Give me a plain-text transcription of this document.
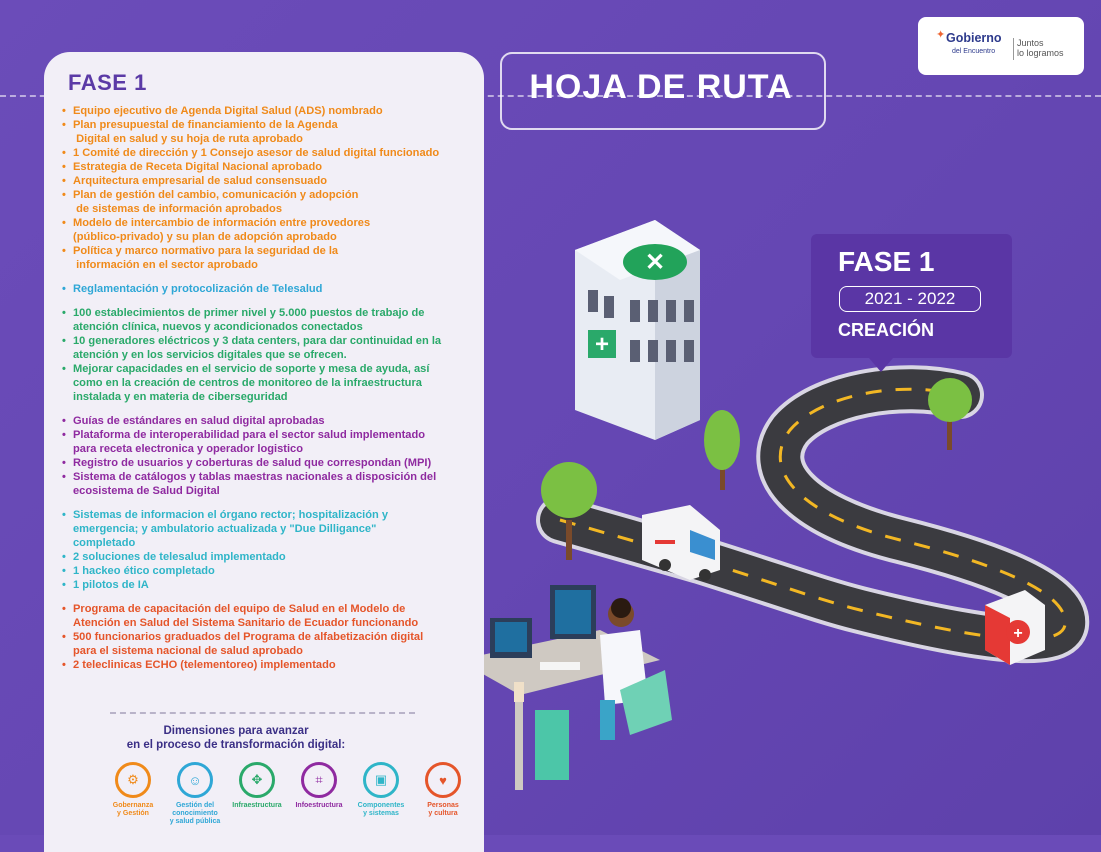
✕
+
+
FASE 1
• Equipo ejecutivo de Agenda Digital Salud (ADS) nombrado
• Plan presupuestal de financiamiento de la Agenda
Digital en salud y su hoja de ruta aprobado
• 1 Comité de dirección y 1 Consejo asesor de salud digital funcionado
• Estrategia de Receta Digital Nacional aprobado
• Arquitectura empresarial de salud consensuado
• Plan de gestión del cambio, comunicación y adopción
de sistemas de información aprobados
• Modelo de intercambio de información entre provedores
(público-privado) y su plan de adopción aprobado
• Política y marco normativo para la seguridad de la
información en el sector aprobado
• Reglamentación y protocolización de Telesalud
• 100 establecimientos de primer nivel y 5.000 puestos de trabajo de
atención clínica, nuevos y acondicionados conectados
• 10 generadores eléctricos y 3 data centers, para dar continuidad en la
atención y en los servicios digitales que se ofrecen.
• Mejorar capacidades en el servicio de soporte y mesa de ayuda, así
como en la creación de centros de monitoreo de la infraestructura
instalada y en materia de ciberseguridad
• Guías de estándares en salud digital aprobadas
• Plataforma de interoperabilidad para el sector salud implementado
para receta electronica y operador logistico
• Registro de usuarios y coberturas de salud que correspondan (MPI)
• Sistema de catálogos y tablas maestras nacionales a disposición del
ecosistema de Salud Digital
• Sistemas de informacion el órgano rector; hospitalización y
emergencia; y ambulatorio actualizada y "Due Dilligance"
completado
• 2 soluciones de telesalud implementado
• 1 hackeo ético completado
• 1 pilotos de IA
• Programa de capacitación del equipo de Salud en el Modelo de
Atención en Salud del Sistema Sanitario de Ecuador funcionando
• 500 funcionarios graduados del Programa de alfabetización digital
para el sistema nacional de salud aprobado
• 2 teleclinicas ECHO (telementoreo) implementado
Dimensiones para avanzar
en el proceso de transformación digital:
⚙
Gobernanza
y Gestión
☺
Gestión del
conocimiento
y salud pública
✥
Infraestructura
⌗
Infoestructura
▣
Componentes
y sistemas
♥
Personas
y cultura
HOJA DE RUTA
✦ Gobierno
del Encuentro
Juntos
lo logramos
FASE 1
2021 - 2022
CREACIÓN
